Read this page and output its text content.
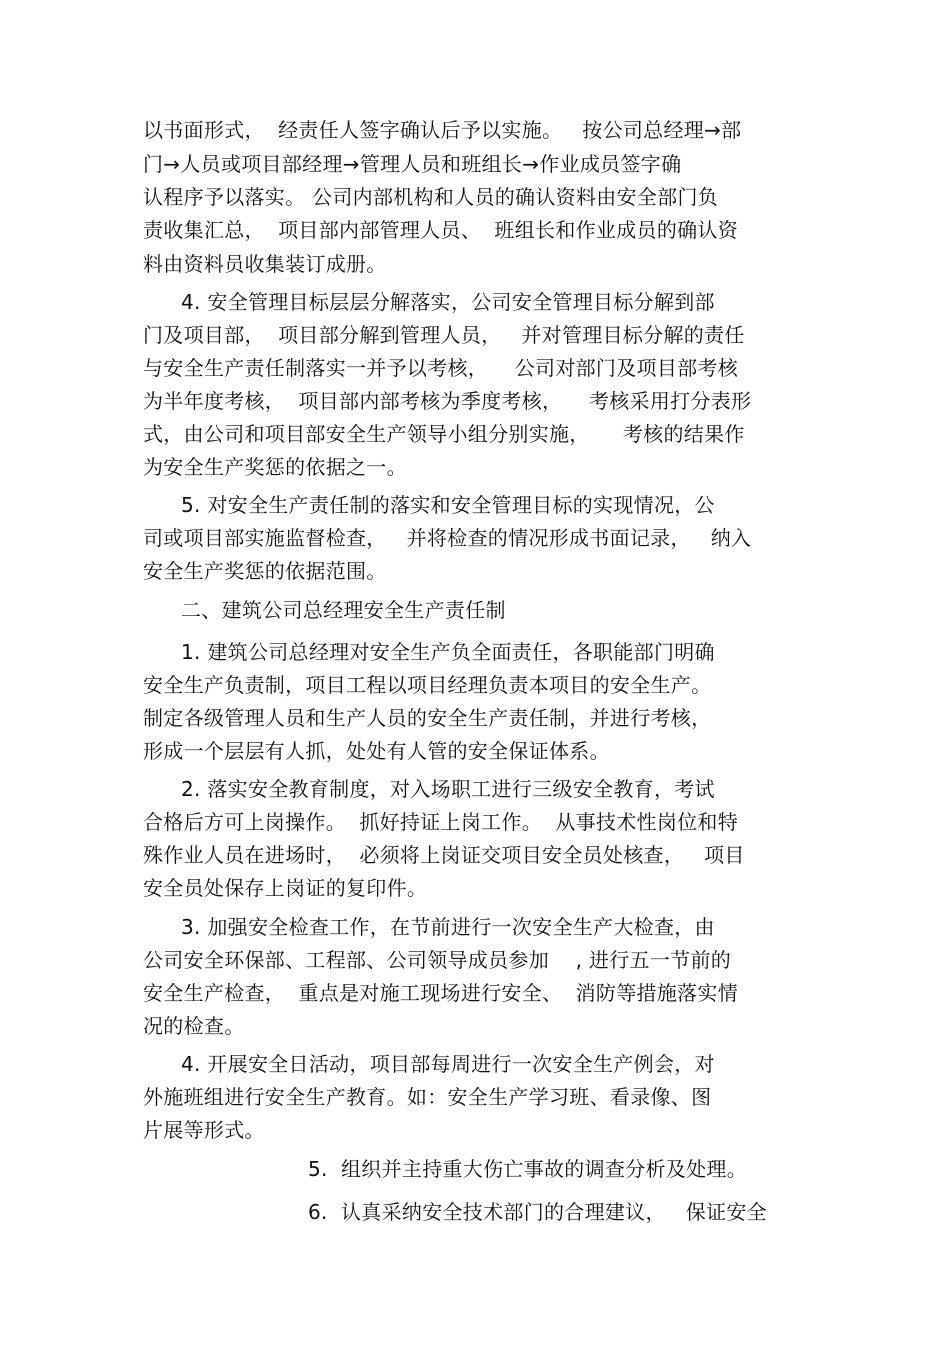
以书面形式，  经责任人签字确认后予以实施。   按公司总经理→部
门→人员或项目部经理→管理人员和班组长→作业成员签字确
认程序予以落实。 公司内部机构和人员的确认资料由安全部门负
责收集汇总，  项目部内部管理人员、  班组长和作业成员的确认资
料由资料员收集装订成册。
4. 安全管理目标层层分解落实，公司安全管理目标分解到部
门及项目部，  项目部分解到管理人员，   并对管理目标分解的责任
与安全生产责任制落实一并予以考核，    公司对部门及项目部考核
为半年度考核，  项目部内部考核为季度考核，    考核采用打分表形
式，由公司和项目部安全生产领导小组分别实施，     考核的结果作
为安全生产奖惩的依据之一。
5. 对安全生产责任制的落实和安全管理目标的实现情况，公
司或项目部实施监督检查，   并将检查的情况形成书面记录，   纳入
安全生产奖惩的依据范围。
二、建筑公司总经理安全生产责任制
1. 建筑公司总经理对安全生产负全面责任，各职能部门明确
安全生产负责制，项目工程以项目经理负责本项目的安全生产。
制定各级管理人员和生产人员的安全生产责任制，并进行考核，
形成一个层层有人抓，处处有人管的安全保证体系。
2. 落实安全教育制度，对入场职工进行三级安全教育，考试
合格后方可上岗操作。  抓好持证上岗工作。  从事技术性岗位和特
殊作业人员在进场时，  必须将上岗证交项目安全员处核查，   项目
安全员处保存上岗证的复印件。
3. 加强安全检查工作，在节前进行一次安全生产大检查，由
公司安全环保部、工程部、公司领导成员参加    , 进行五一节前的
安全生产检查，  重点是对施工现场进行安全、  消防等措施落实情
况的检查。
4. 开展安全日活动，项目部每周进行一次安全生产例会，对
外施班组进行安全生产教育。如：安全生产学习班、看录像、图
片展等形式。
5.  组织并主持重大伤亡事故的调查分析及处理。
6.  认真采纳安全技术部门的合理建议，   保证安全
